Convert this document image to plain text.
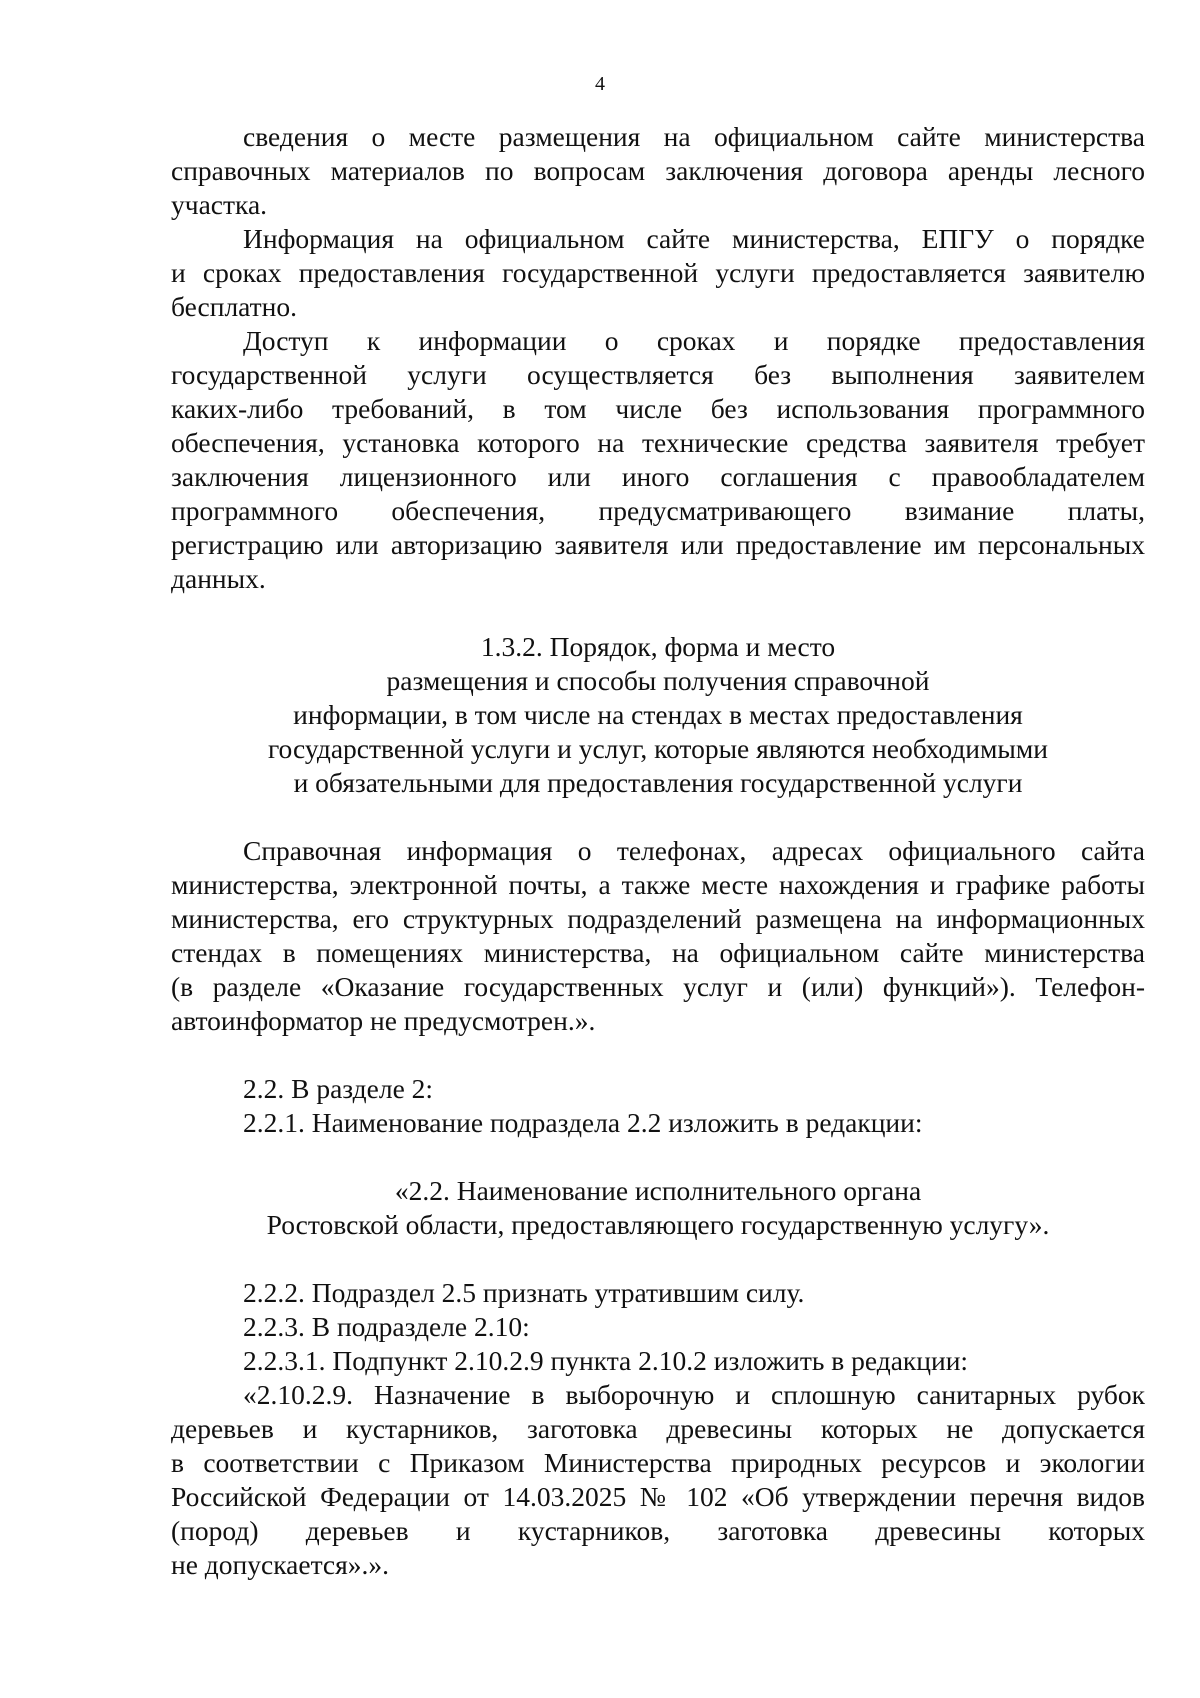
4

сведения о месте размещения на официальном сайте министерства

справочных материалов по вопросам заключения договора аренды лесного

участка.

Информация на официальном сайте министерства, ЕПГУ о порядке

и сроках предоставления государственной услуги предоставляется заявителю

бесплатно.

Доступ к информации о сроках и порядке предоставления

государственной услуги осуществляется без выполнения заявителем

каких-либо требований, в том числе без использования программного

обеспечения, установка которого на технические средства заявителя требует

заключения лицензионного или иного соглашения с правообладателем

программного обеспечения, предусматривающего взимание платы,

регистрацию или авторизацию заявителя или предоставление им персональных

данных.

1.3.2. Порядок, форма и место

размещения и способы получения справочной

информации, в том числе на стендах в местах предоставления

государственной услуги и услуг, которые являются необходимыми

и обязательными для предоставления государственной услуги

Справочная информация о телефонах, адресах официального сайта

министерства, электронной почты, а также месте нахождения и графике работы

министерства, его структурных подразделений размещена на информационных

стендах в помещениях министерства, на официальном сайте министерства

(в разделе «Оказание государственных услуг и (или) функций»). Телефон-

автоинформатор не предусмотрен.».

2.2. В разделе 2:

2.2.1. Наименование подраздела 2.2 изложить в редакции:

«2.2. Наименование исполнительного органа

Ростовской области, предоставляющего государственную услугу».

2.2.2. Подраздел 2.5 признать утратившим силу.

2.2.3. В подразделе 2.10:

2.2.3.1. Подпункт 2.10.2.9 пункта 2.10.2 изложить в редакции:

«2.10.2.9. Назначение в выборочную и сплошную санитарных рубок

деревьев и кустарников, заготовка древесины которых не допускается

в соответствии с Приказом Министерства природных ресурсов и экологии

Российской Федерации от 14.03.2025 № 102 «Об утверждении перечня видов

(пород) деревьев и кустарников, заготовка древесины которых

не допускается».».
